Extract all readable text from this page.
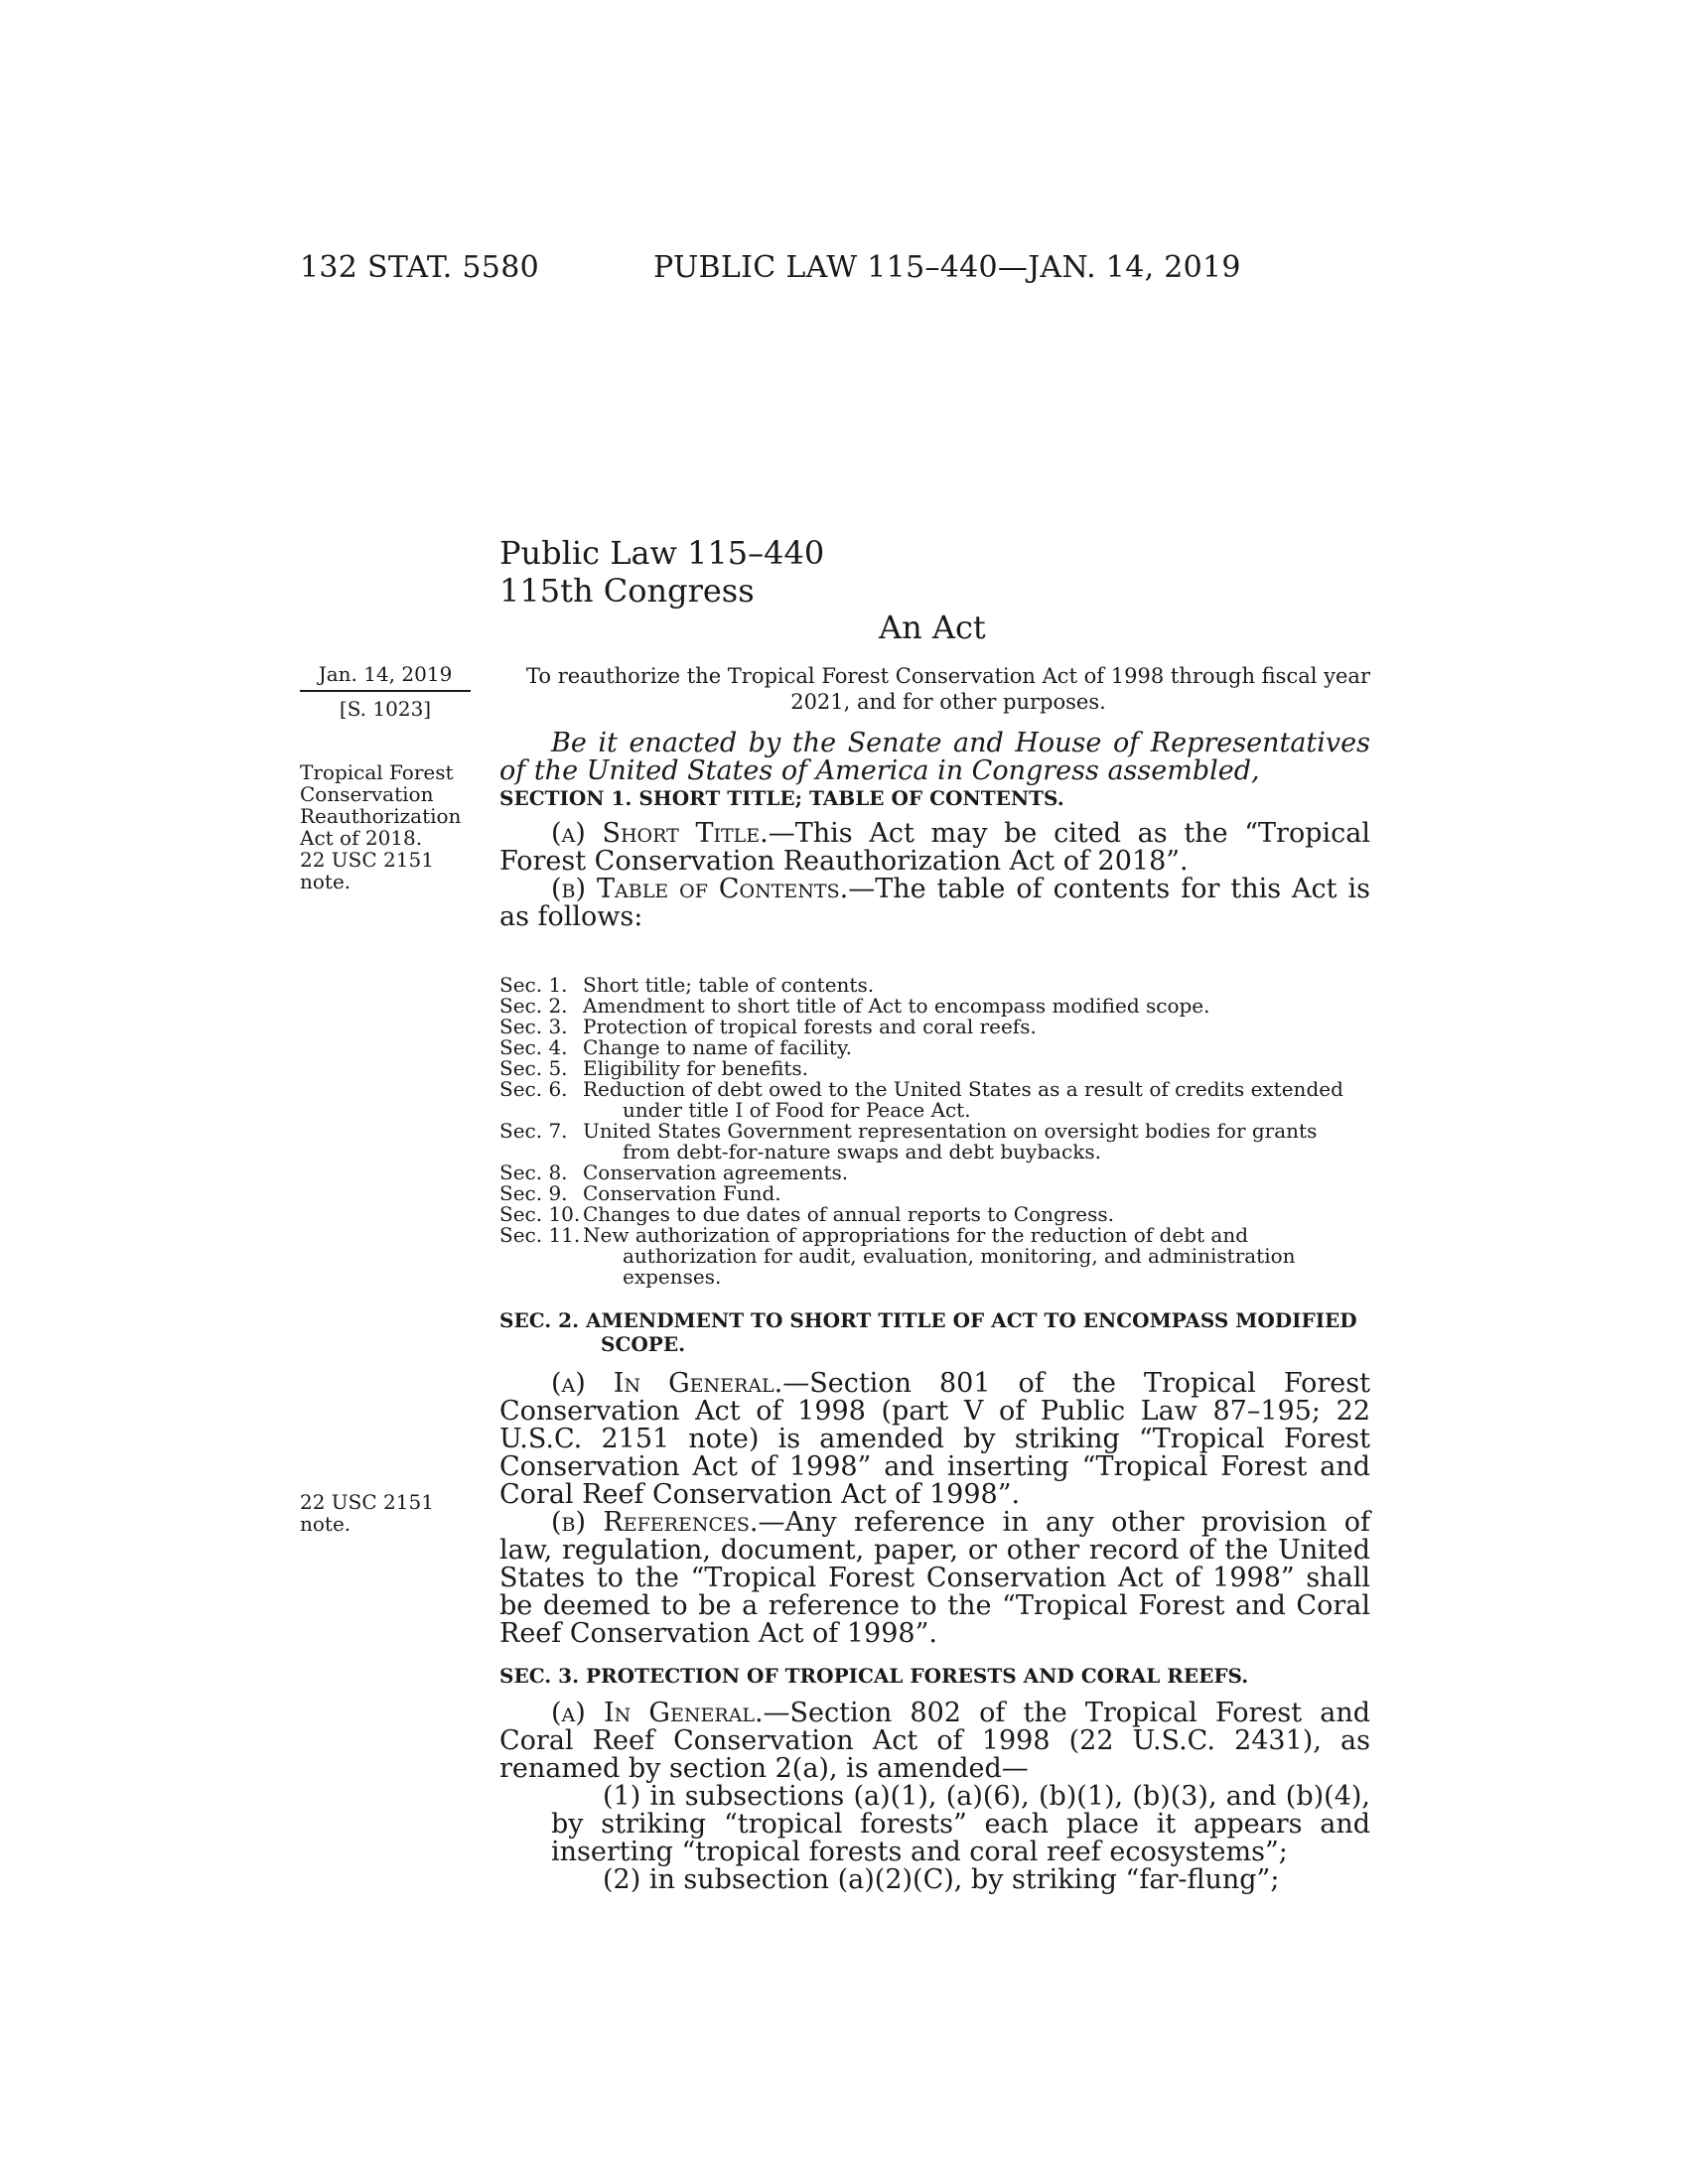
132 STAT. 5580	PUBLIC LAW 115–440—JAN. 14, 2019
Public Law 115–440
115th Congress
An Act
Jan. 14, 2019
[S. 1023]
Tropical Forest
Conservation
Reauthorization
Act of 2018.
22 USC 2151
note.
22 USC 2151
note.
To reauthorize the Tropical Forest Conservation Act of 1998 through fiscal year 2021, and for other purposes.
Be it enacted by the Senate and House of Representatives of the United States of America in Congress assembled,
SECTION 1. SHORT TITLE; TABLE OF CONTENTS.

(a) Short Title.—This Act may be cited as the “Tropical Forest Conservation Reauthorization Act of 2018”.

(b) Table of Contents.—The table of contents for this Act is as follows:

Sec. 1. Short title; table of contents.
Sec. 2. Amendment to short title of Act to encompass modified scope.
Sec. 3. Protection of tropical forests and coral reefs.
Sec. 4. Change to name of facility.
Sec. 5. Eligibility for benefits.
Sec. 6. Reduction of debt owed to the United States as a result of credits extended under title I of Food for Peace Act.
Sec. 7. United States Government representation on oversight bodies for grants from debt-for-nature swaps and debt buybacks.
Sec. 8. Conservation agreements.
Sec. 9. Conservation Fund.
Sec. 10. Changes to due dates of annual reports to Congress.
Sec. 11. New authorization of appropriations for the reduction of debt and authorization for audit, evaluation, monitoring, and administration expenses.
SEC. 2. AMENDMENT TO SHORT TITLE OF ACT TO ENCOMPASS MODIFIED SCOPE.

(a) In General.—Section 801 of the Tropical Forest Conservation Act of 1998 (part V of Public Law 87–195; 22 U.S.C. 2151 note) is amended by striking “Tropical Forest Conservation Act of 1998” and inserting “Tropical Forest and Coral Reef Conservation Act of 1998”.

(b) References.—Any reference in any other provision of law, regulation, document, paper, or other record of the United States to the “Tropical Forest Conservation Act of 1998” shall be deemed to be a reference to the “Tropical Forest and Coral Reef Conservation Act of 1998”.

SEC. 3. PROTECTION OF TROPICAL FORESTS AND CORAL REEFS.

(a) In General.—Section 802 of the Tropical Forest and Coral Reef Conservation Act of 1998 (22 U.S.C. 2431), as renamed by section 2(a), is amended—

(1) in subsections (a)(1), (a)(6), (b)(1), (b)(3), and (b)(4), by striking “tropical forests” each place it appears and inserting “tropical forests and coral reef ecosystems”;

(2) in subsection (a)(2)(C), by striking “far-flung”;
